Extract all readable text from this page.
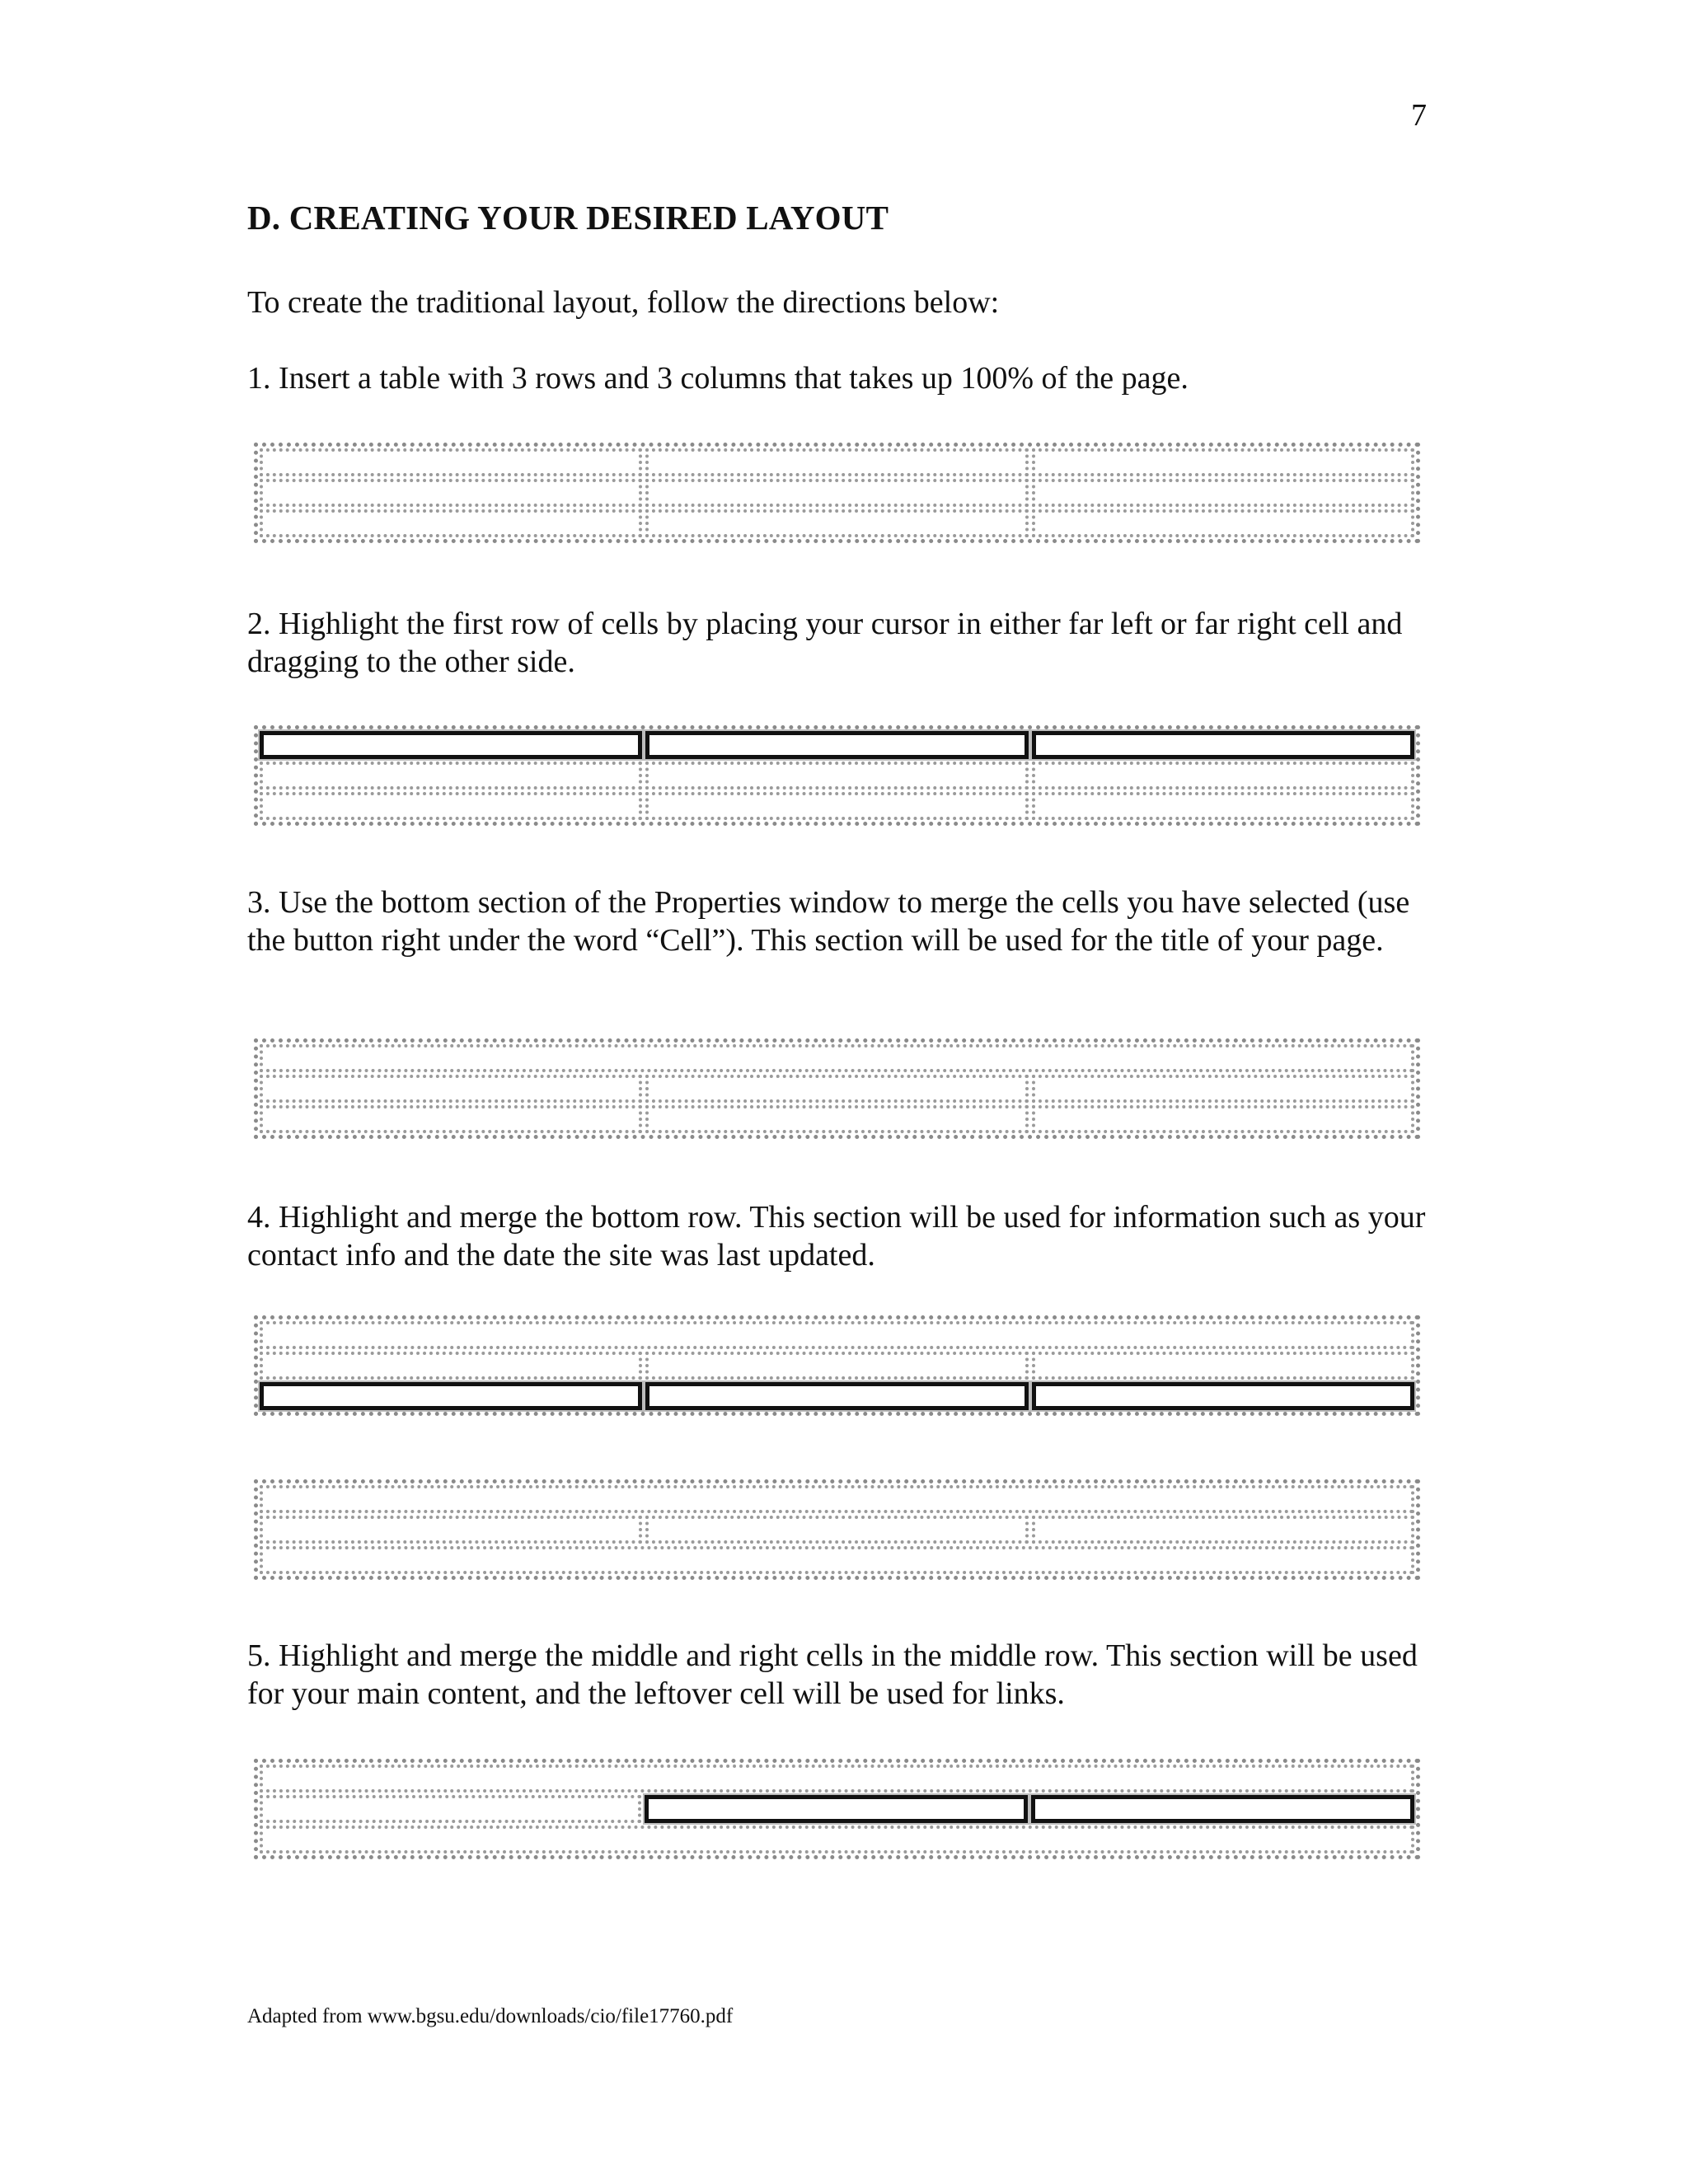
7
D. CREATING YOUR DESIRED LAYOUT

To create the traditional layout, follow the directions below:

1. Insert a table with 3 rows and 3 columns that takes up 100% of the page.

2. Highlight the first row of cells by placing your cursor in either far left or far right cell and dragging to the other side.

3. Use the bottom section of the Properties window to merge the cells you have selected (use the button right under the word “Cell”). This section will be used for the title of your page.

4. Highlight and merge the bottom row. This section will be used for information such as your contact info and the date the site was last updated.

5. Highlight and merge the middle and right cells in the middle row. This section will be used for your main content, and the leftover cell will be used for links.

Adapted from www.bgsu.edu/downloads/cio/file17760.pdf
